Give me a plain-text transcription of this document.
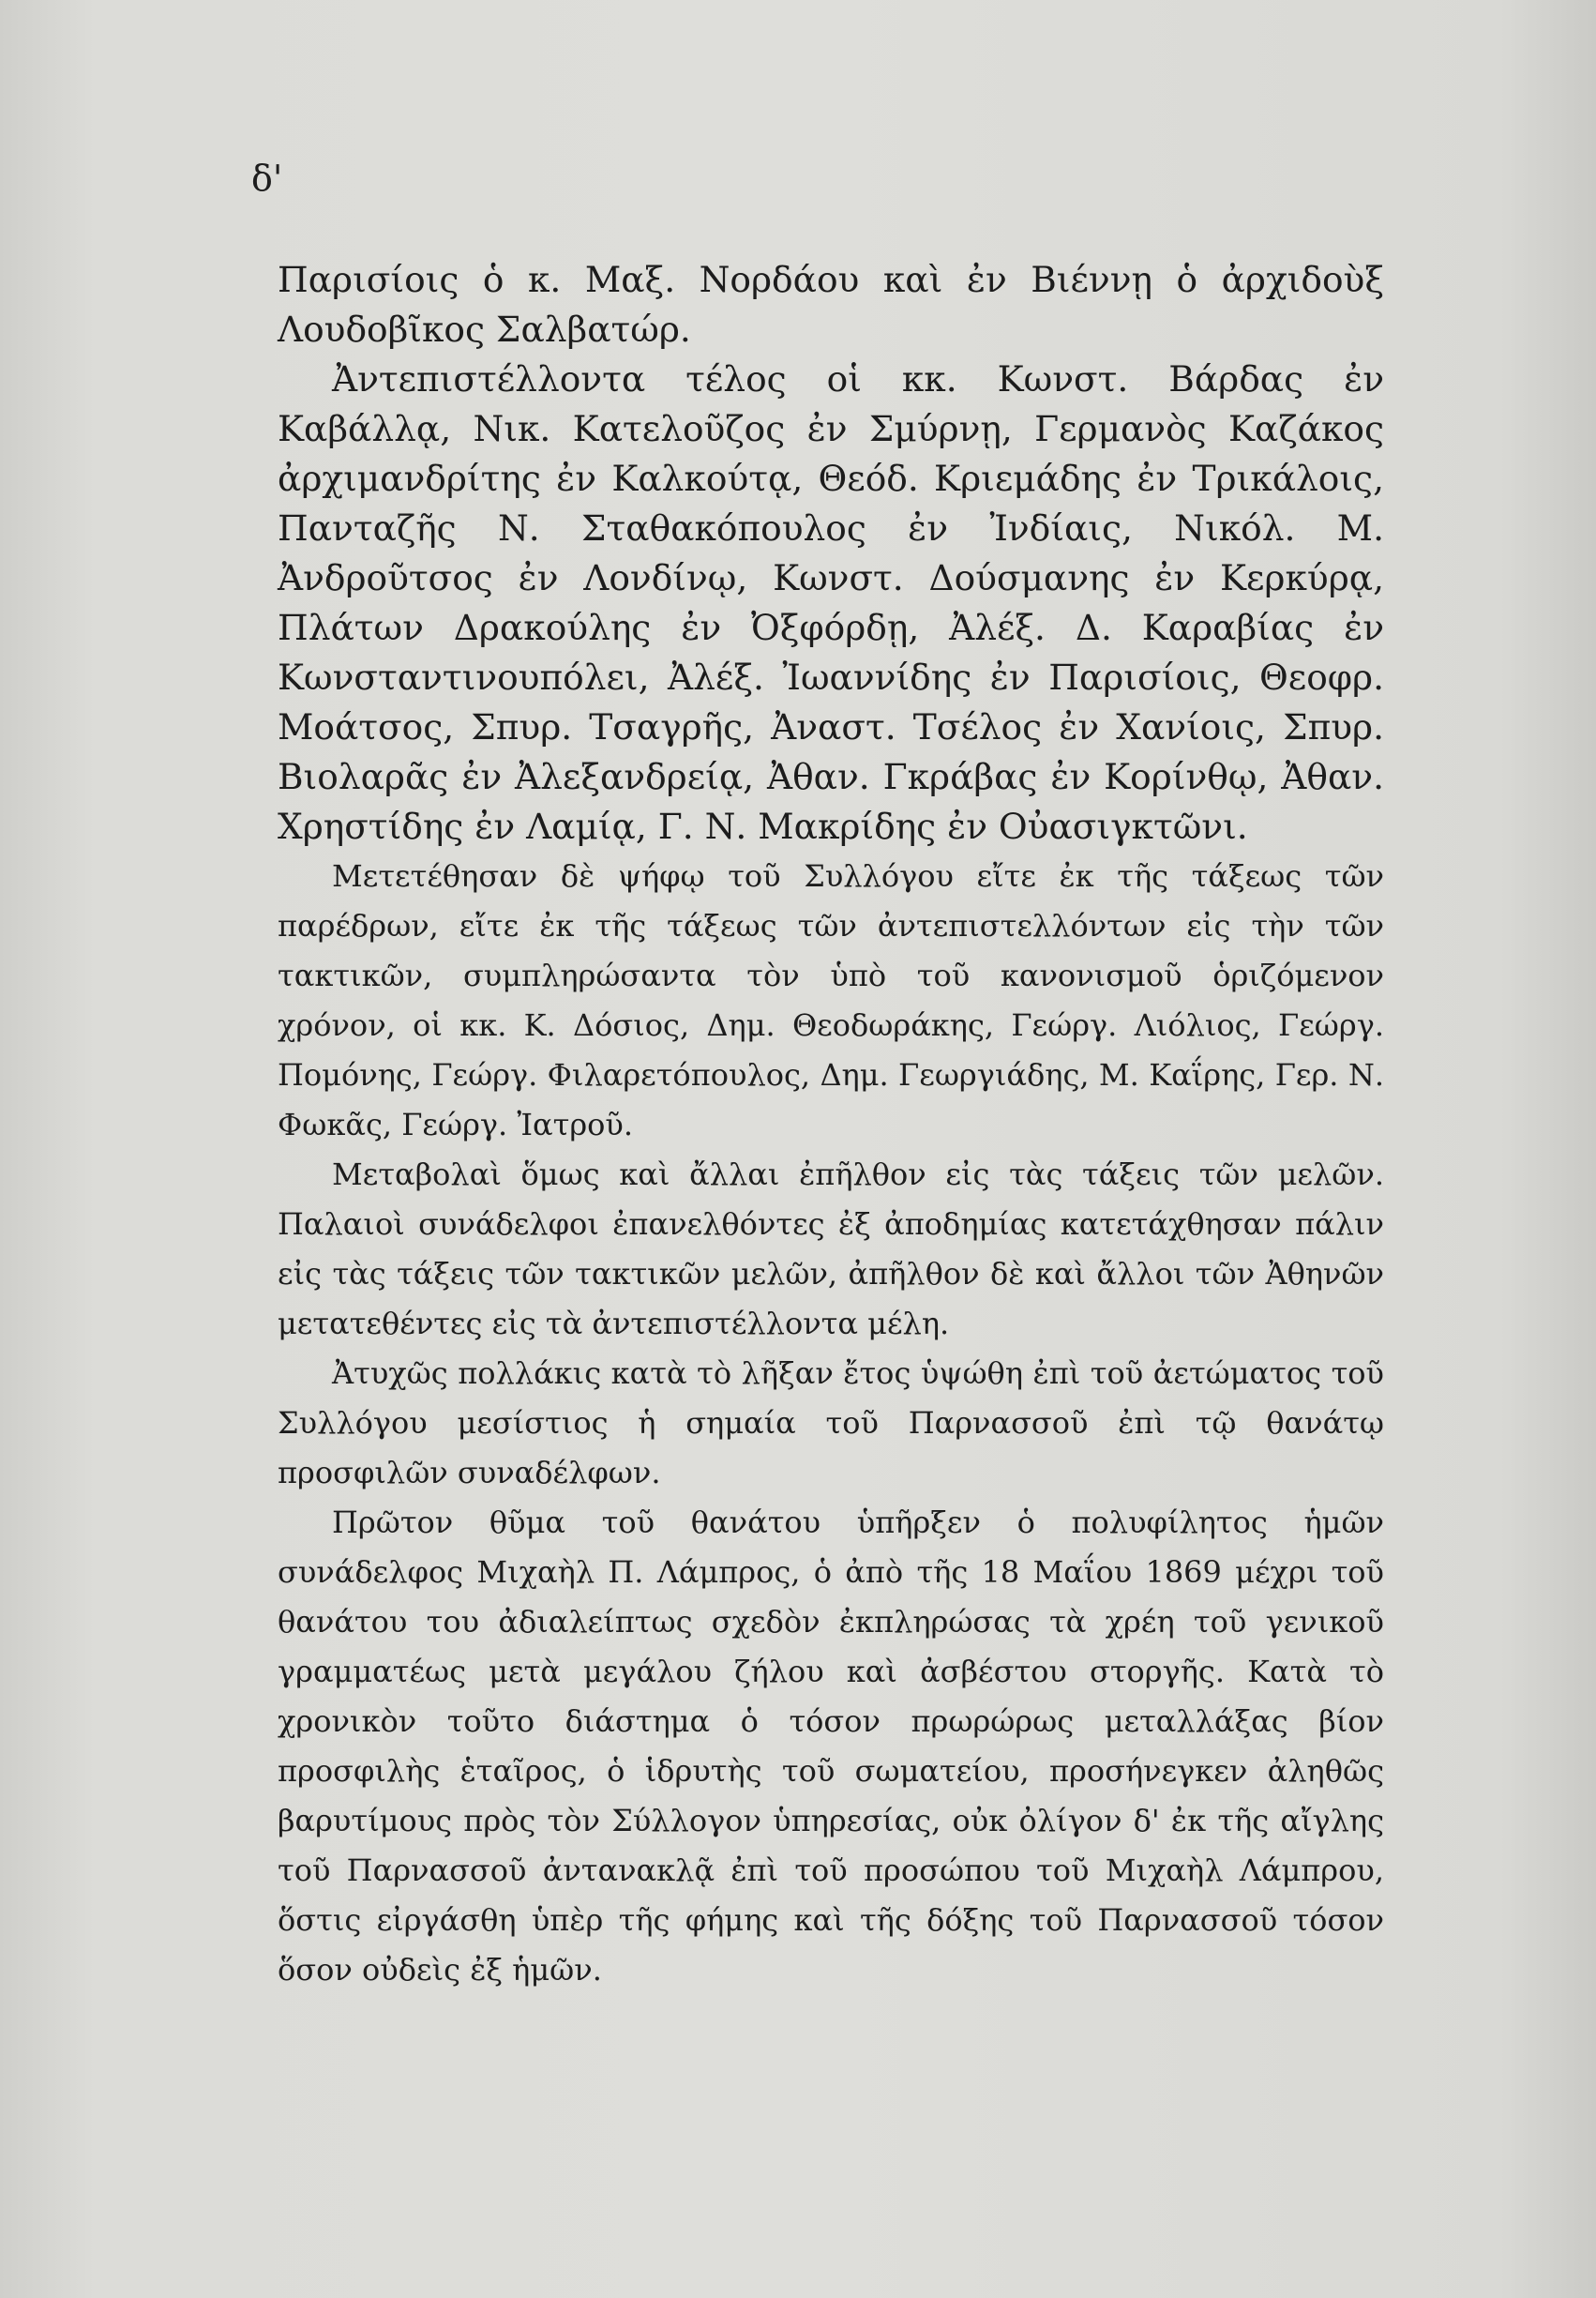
δ'

Παρισίοις ὁ κ. Μαξ. Νορδάου καὶ ἐν Βιέννῃ ὁ ἀρχιδοὺξ Λουδοβῖκος Σαλβατώρ.

Ἀντεπιστέλλοντα τέλος οἱ κκ. Κωνστ. Βάρδας ἐν Καβάλλᾳ, Νικ. Κατελοῦζος ἐν Σμύρνῃ, Γερμανὸς Καζάκος ἀρχιμανδρίτης ἐν Καλκούτᾳ, Θεόδ. Κριεμάδης ἐν Τρικάλοις, Πανταζῆς Ν. Σταθακόπουλος ἐν Ἰνδίαις, Νικόλ. Μ. Ἀνδροῦτσος ἐν Λονδίνῳ, Κωνστ. Δούσμανης ἐν Κερκύρᾳ, Πλάτων Δρακούλης ἐν Ὀξφόρδῃ, Ἀλέξ. Δ. Καραβίας ἐν Κωνσταντινουπόλει, Ἀλέξ. Ἰωαννίδης ἐν Παρισίοις, Θεοφρ. Μοάτσος, Σπυρ. Τσαγρῆς, Ἀναστ. Τσέλος ἐν Χανίοις, Σπυρ. Βιολαρᾶς ἐν Ἀλεξανδρείᾳ, Ἀθαν. Γκράβας ἐν Κορίνθῳ, Ἀθαν. Χρηστίδης ἐν Λαμίᾳ, Γ. Ν. Μακρίδης ἐν Οὐασιγκτῶνι.

Μετετέθησαν δὲ ψήφῳ τοῦ Συλλόγου εἴτε ἐκ τῆς τάξεως τῶν παρέδρων, εἴτε ἐκ τῆς τάξεως τῶν ἀντεπιστελλόντων εἰς τὴν τῶν τακτικῶν, συμπληρώσαντα τὸν ὑπὸ τοῦ κανονισμοῦ ὁριζόμενον χρόνον, οἱ κκ. Κ. Δόσιος, Δημ. Θεοδωράκης, Γεώργ. Λιόλιος, Γεώργ. Πομόνης, Γεώργ. Φιλαρετόπουλος, Δημ. Γεωργιάδης, Μ. Καΐρης, Γερ. Ν. Φωκᾶς, Γεώργ. Ἰατροῦ.

Μεταβολαὶ ὅμως καὶ ἄλλαι ἐπῆλθον εἰς τὰς τάξεις τῶν μελῶν. Παλαιοὶ συνάδελφοι ἐπανελθόντες ἐξ ἀποδημίας κατετάχθησαν πάλιν εἰς τὰς τάξεις τῶν τακτικῶν μελῶν, ἀπῆλθον δὲ καὶ ἄλλοι τῶν Ἀθηνῶν μετατεθέντες εἰς τὰ ἀντεπιστέλλοντα μέλη.

Ἀτυχῶς πολλάκις κατὰ τὸ λῆξαν ἔτος ὑψώθη ἐπὶ τοῦ ἀετώματος τοῦ Συλλόγου μεσίστιος ἡ σημαία τοῦ Παρνασσοῦ ἐπὶ τῷ θανάτῳ προσφιλῶν συναδέλφων.

Πρῶτον θῦμα τοῦ θανάτου ὑπῆρξεν ὁ πολυφίλητος ἡμῶν συνάδελφος Μιχαὴλ Π. Λάμπρος, ὁ ἀπὸ τῆς 18 Μαΐου 1869 μέχρι τοῦ θανάτου του ἀδιαλείπτως σχεδὸν ἐκπληρώσας τὰ χρέη τοῦ γενικοῦ γραμματέως μετὰ μεγάλου ζήλου καὶ ἀσβέστου στοργῆς. Κατὰ τὸ χρονικὸν τοῦτο διάστημα ὁ τόσον πρωρώρως μεταλλάξας βίον προσφιλὴς ἑταῖρος, ὁ ἱδρυτὴς τοῦ σωματείου, προσήνεγκεν ἀληθῶς βαρυτίμους πρὸς τὸν Σύλλογον ὑπηρεσίας, οὐκ ὀλίγον δ' ἐκ τῆς αἴγλης τοῦ Παρνασσοῦ ἀντανακλᾷ ἐπὶ τοῦ προσώπου τοῦ Μιχαὴλ Λάμπρου, ὅστις εἰργάσθη ὑπὲρ τῆς φήμης καὶ τῆς δόξης τοῦ Παρνασσοῦ τόσον ὅσον οὐδεὶς ἐξ ἡμῶν.
